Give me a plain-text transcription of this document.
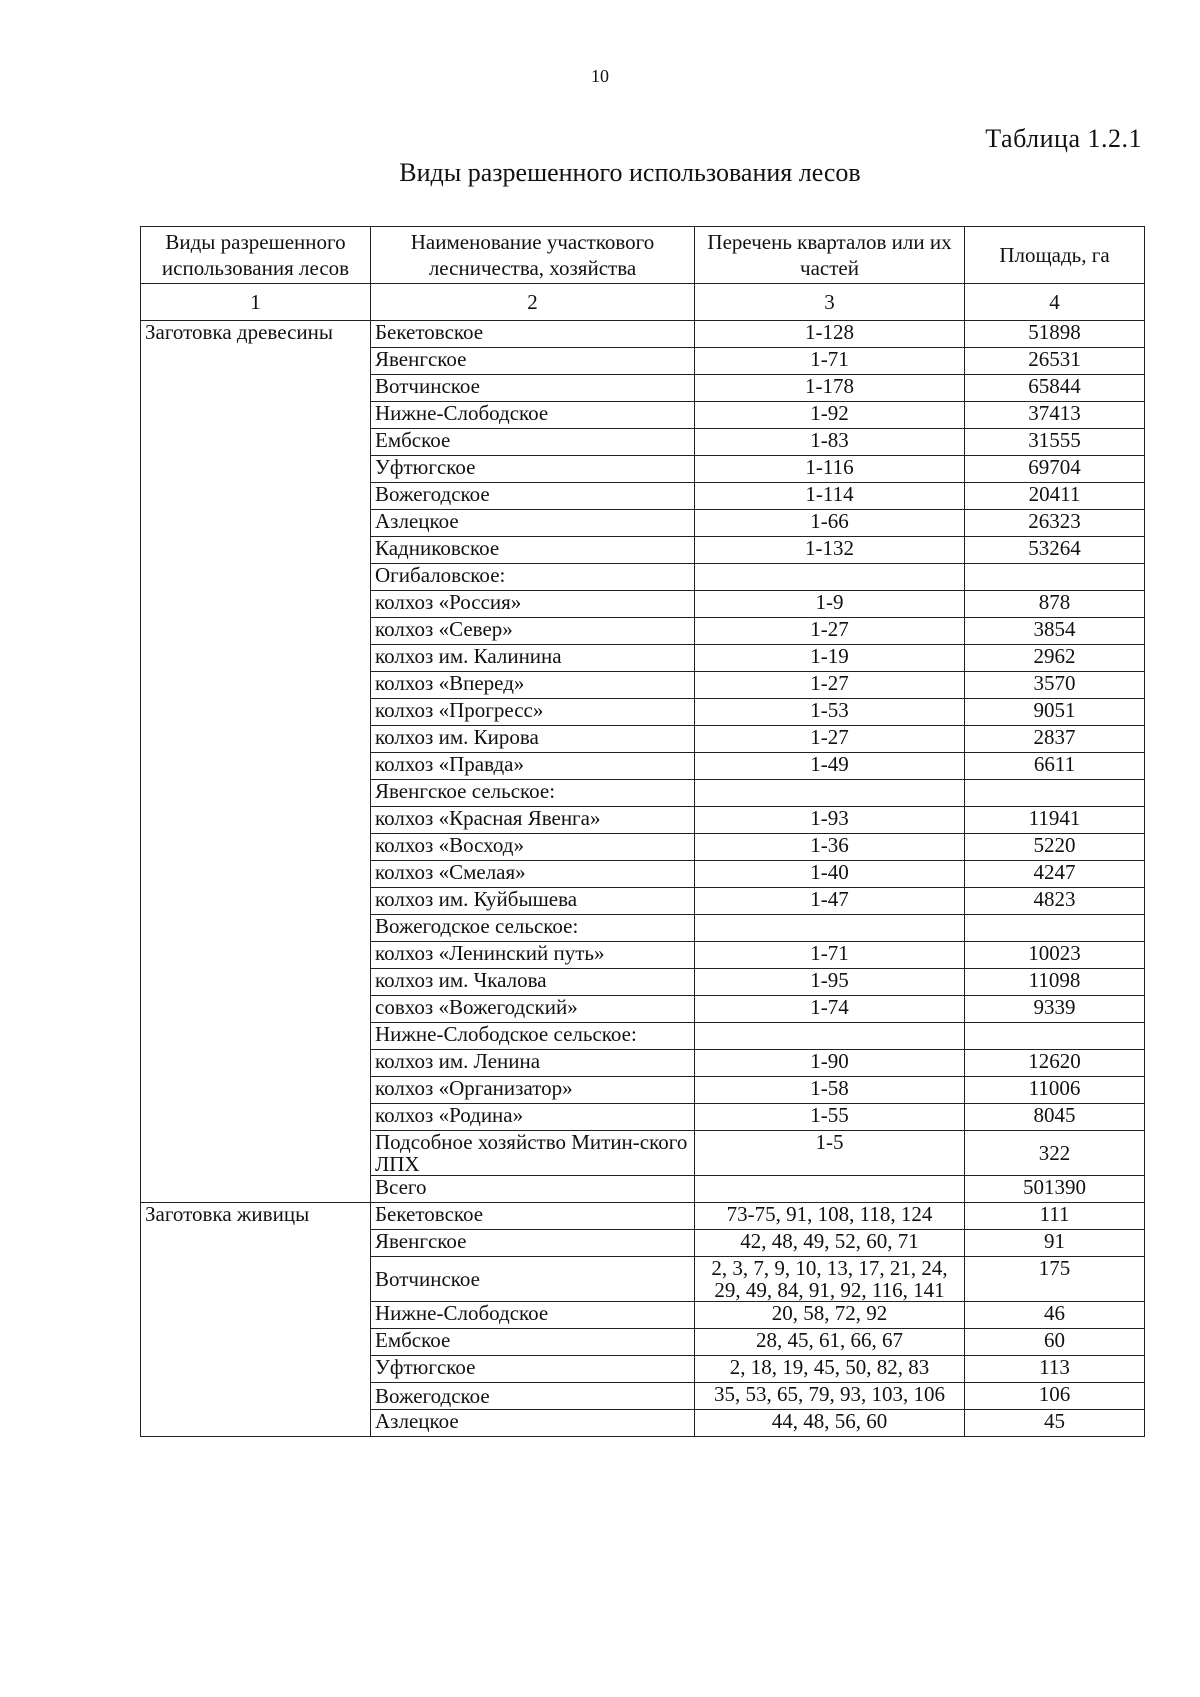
10
Таблица 1.2.1
Виды разрешенного использования лесов
Виды разрешенного использования лесов	Наименование участкового лесничества, хозяйства	Перечень кварталов или их частей	Площадь, га
1	2	3	4
Заготовка древесины	Бекетовское	1-128	51898
	Явенгское	1-71	26531
	Вотчинское	1-178	65844
	Нижне-Слободское	1-92	37413
	Ембское	1-83	31555
	Уфтюгское	1-116	69704
	Вожегодское	1-114	20411
	Азлецкое	1-66	26323
	Кадниковское	1-132	53264
	Огибаловское:		
	колхоз «Россия»	1-9	878
	колхоз «Север»	1-27	3854
	колхоз им. Калинина	1-19	2962
	колхоз «Вперед»	1-27	3570
	колхоз «Прогресс»	1-53	9051
	колхоз им. Кирова	1-27	2837
	колхоз «Правда»	1-49	6611
	Явенгское сельское:		
	колхоз «Красная Явенга»	1-93	11941
	колхоз «Восход»	1-36	5220
	колхоз «Смелая»	1-40	4247
	колхоз им. Куйбышева	1-47	4823
	Вожегодское сельское:		
	колхоз «Ленинский путь»	1-71	10023
	колхоз им. Чкалова	1-95	11098
	совхоз «Вожегодский»	1-74	9339
	Нижне-Слободское сельское:		
	колхоз им. Ленина	1-90	12620
	колхоз «Организатор»	1-58	11006
	колхоз «Родина»	1-55	8045
	Подсобное хозяйство Митин-ского ЛПХ	1-5	322
	Всего		501390
Заготовка живицы	Бекетовское	73-75, 91, 108, 118, 124	111
	Явенгское	42, 48, 49, 52, 60, 71	91
	Вотчинское	2, 3, 7, 9, 10, 13, 17, 21, 24, 29, 49, 84, 91, 92, 116, 141	175
	Нижне-Слободское	20, 58, 72, 92	46
	Ембское	28, 45, 61, 66, 67	60
	Уфтюгское	2, 18, 19, 45, 50, 82, 83	113
	Вожегодское	35, 53, 65, 79, 93, 103, 106	106
	Азлецкое	44, 48, 56, 60	45
